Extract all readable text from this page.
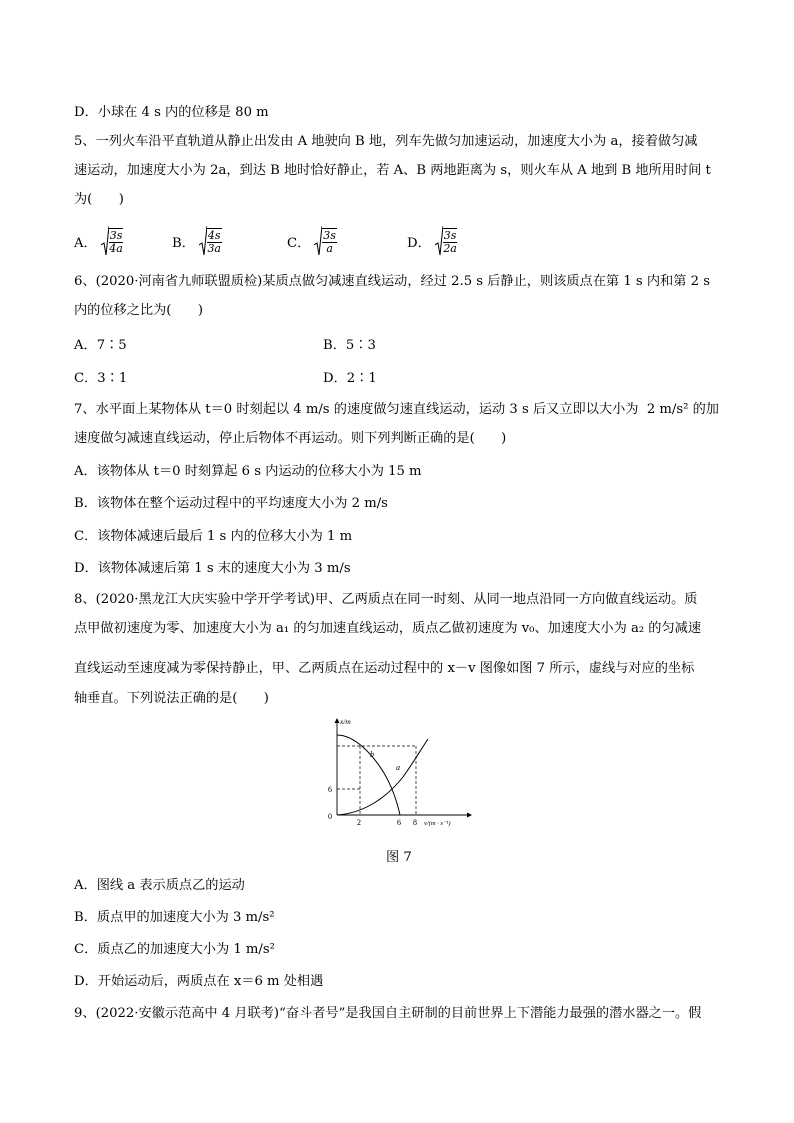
D．小球在 4 s 内的位移是 80 m
5、一列火车沿平直轨道从静止出发由 A 地驶向 B 地，列车先做匀加速运动，加速度大小为 a，接着做匀减
速运动，加速度大小为 2a，到达 B 地时恰好静止，若 A、B 两地距离为 s，则火车从 A 地到 B 地所用时间 t
为(　　)
A． $\frac{3s}{4a}$	B． $\frac{4s}{3a}$	C． $\frac{3s}{a}$	D． $\frac{3s}{2a}$
6、(2020·河南省九师联盟质检)某质点做匀减速直线运动，经过 2.5 s 后静止，则该质点在第 1 s 内和第 2 s
内的位移之比为(　　)
A．7∶5	B．5∶3
C．3∶1	D．2∶1
7、水平面上某物体从 t＝0 时刻起以 4 m/s 的速度做匀速直线运动，运动 3 s 后又立即以大小为  2 m/s² 的加
速度做匀减速直线运动，停止后物体不再运动。则下列判断正确的是(　　)
A．该物体从 t＝0 时刻算起 6 s 内运动的位移大小为 15 m
B．该物体在整个运动过程中的平均速度大小为 2 m/s
C．该物体减速后最后 1 s 内的位移大小为 1 m
D．该物体减速后第 1 s 末的速度大小为 3 m/s
8、(2020·黑龙江大庆实验中学开学考试)甲、乙两质点在同一时刻、从同一地点沿同一方向做直线运动。质
点甲做初速度为零、加速度大小为 a₁ 的匀加速直线运动，质点乙做初速度为 v₀、加速度大小为 a₂ 的匀减速
直线运动至速度减为零保持静止，甲、乙两质点在运动过程中的 x－v 图像如图 7 所示，虚线与对应的坐标
轴垂直。下列说法正确的是(　　)
x/m
b
a
6
0
2	6 8 v/(m · s⁻¹)
图 7
A．图线 a 表示质点乙的运动
B．质点甲的加速度大小为 3 m/s²
C．质点乙的加速度大小为 1 m/s²
D．开始运动后，两质点在 x＝6 m 处相遇
9、(2022·安徽示范高中 4 月联考)“奋斗者号”是我国自主研制的目前世界上下潜能力最强的潜水器之一。假
